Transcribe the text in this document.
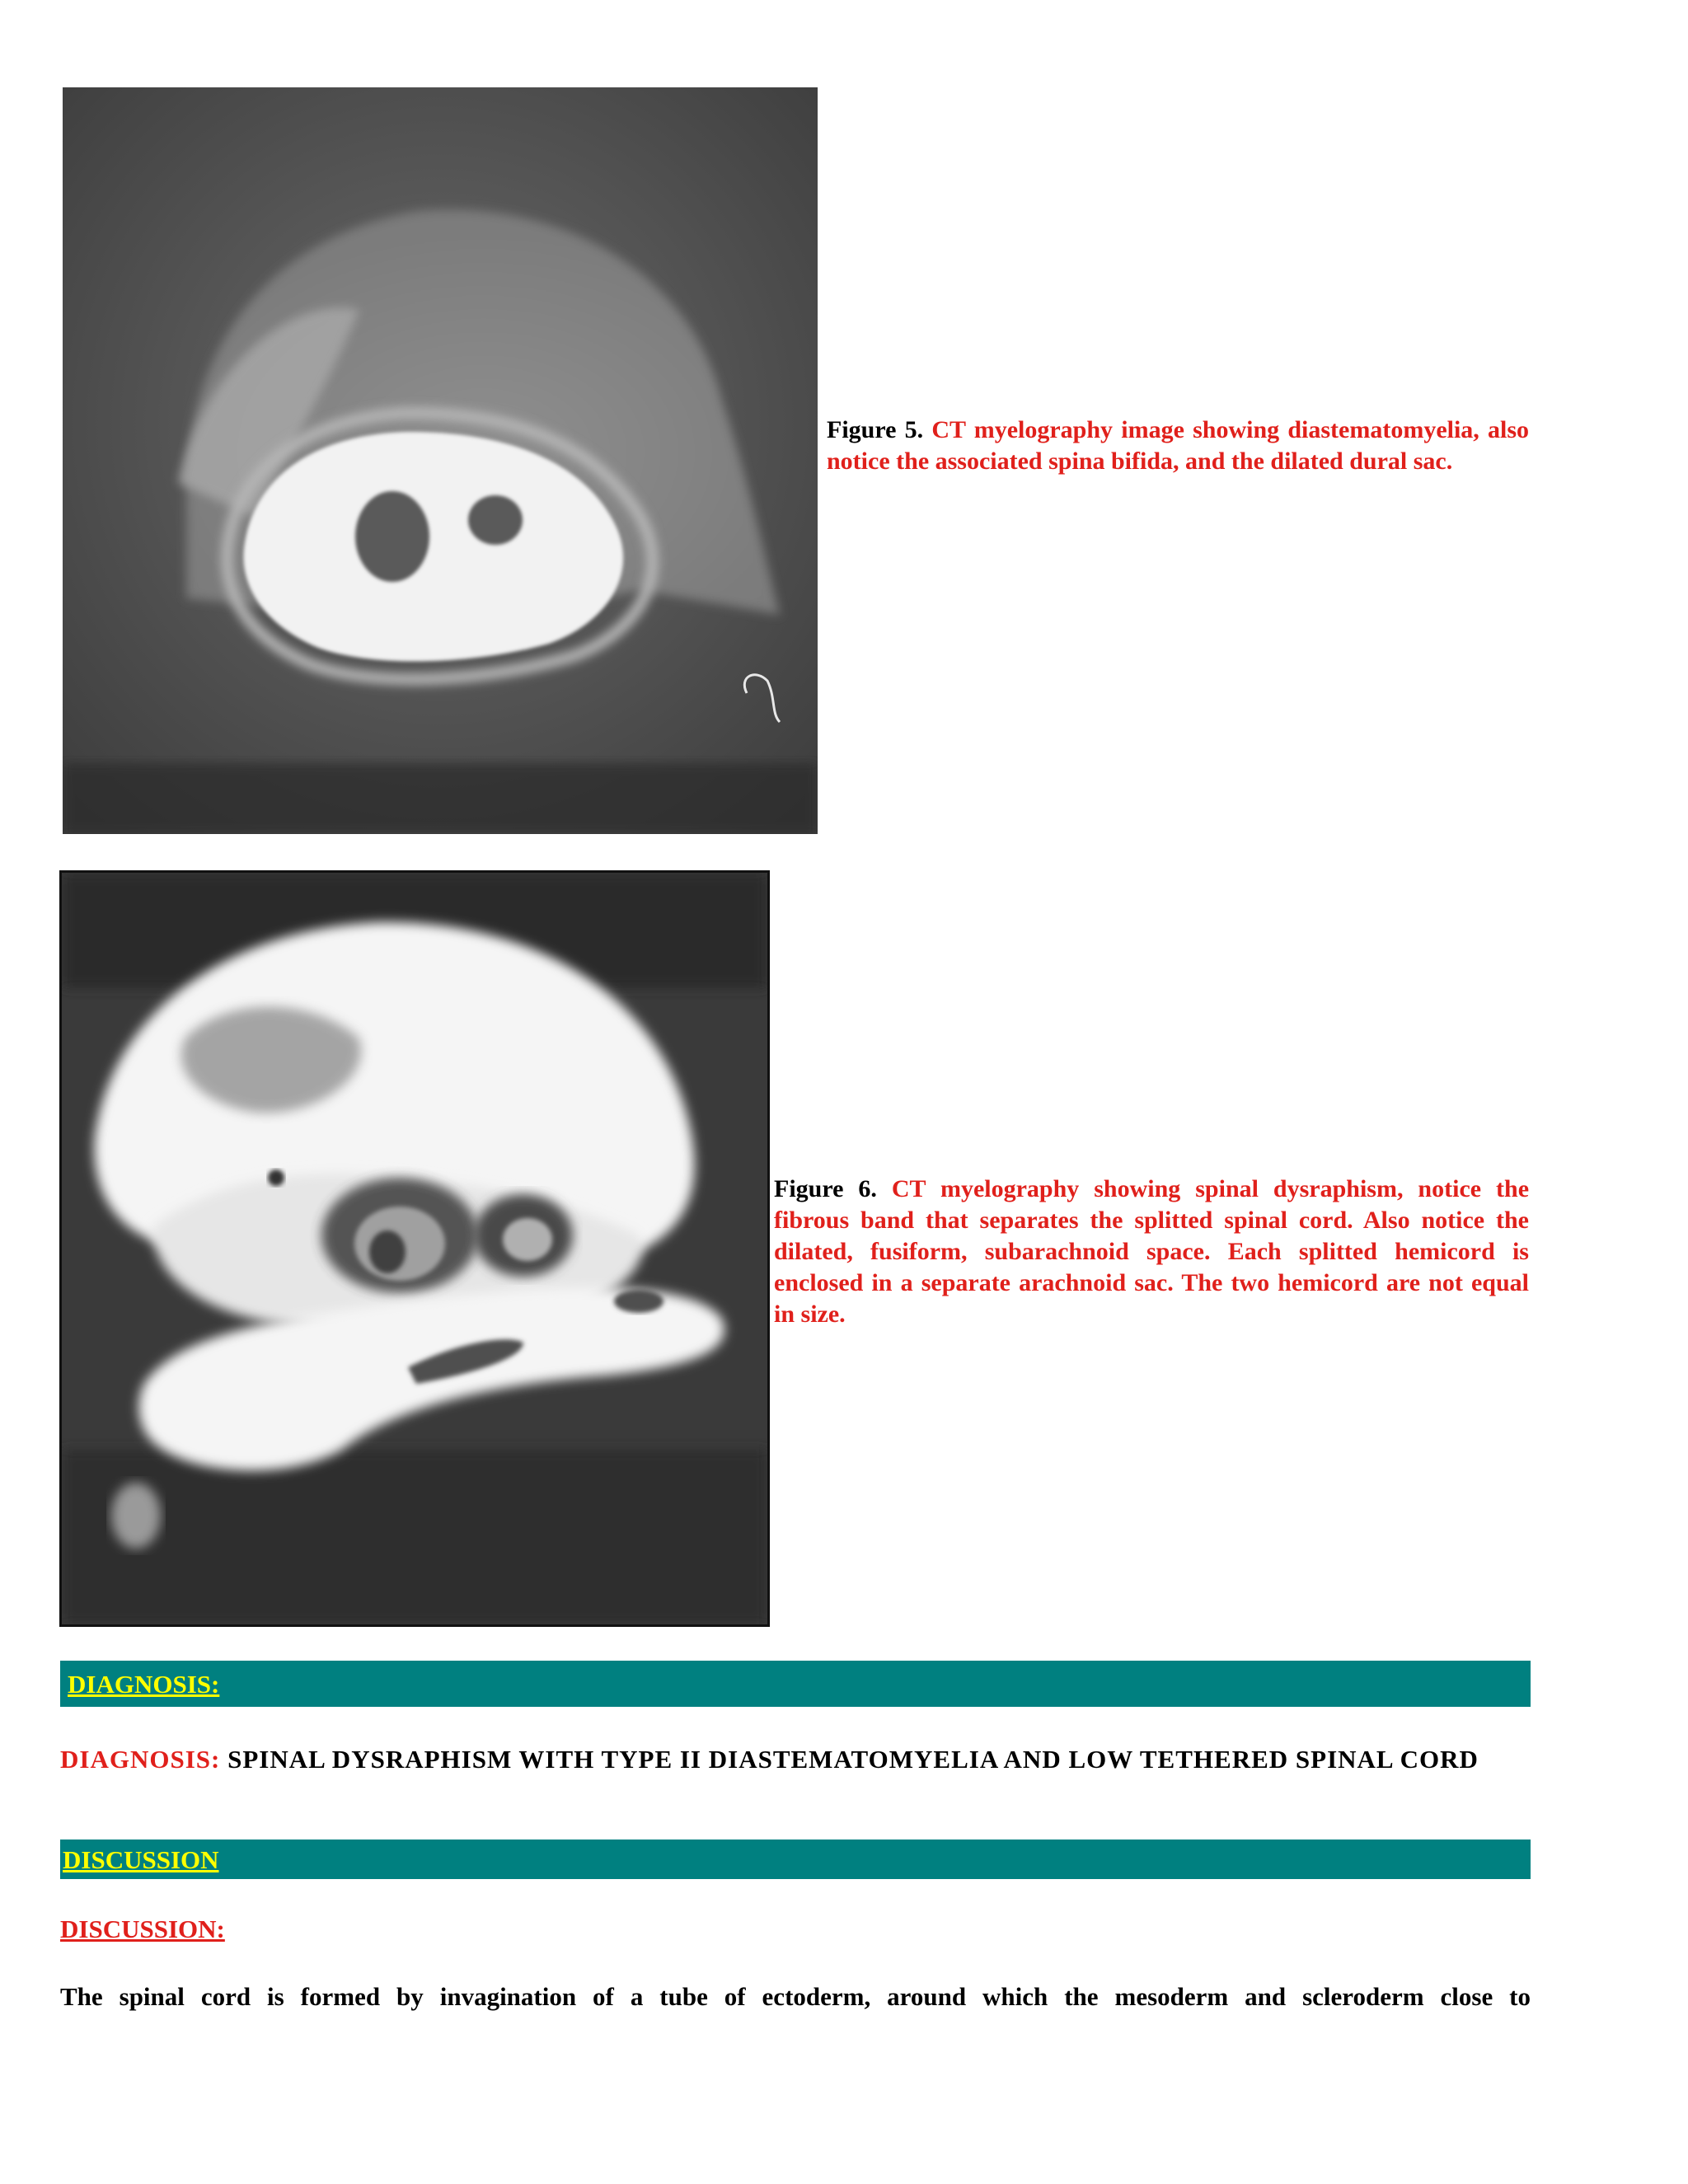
Figure 5. CT myelography image showing diastematomyelia, also notice the associated spina bifida, and the dilated dural sac.
Figure 6. CT myelography showing spinal dysraphism, notice the fibrous band that separates the splitted spinal cord. Also notice the dilated, fusiform, subarachnoid space. Each splitted hemicord is enclosed in a separate arachnoid sac. The two hemicord are not equal in size.
DIAGNOSIS:
DIAGNOSIS: SPINAL DYSRAPHISM WITH TYPE II DIASTEMATOMYELIA AND LOW TETHERED SPINAL CORD
DISCUSSION
DISCUSSION:
The spinal cord is formed by invagination of a tube of ectoderm, around which the mesoderm and scleroderm close to
